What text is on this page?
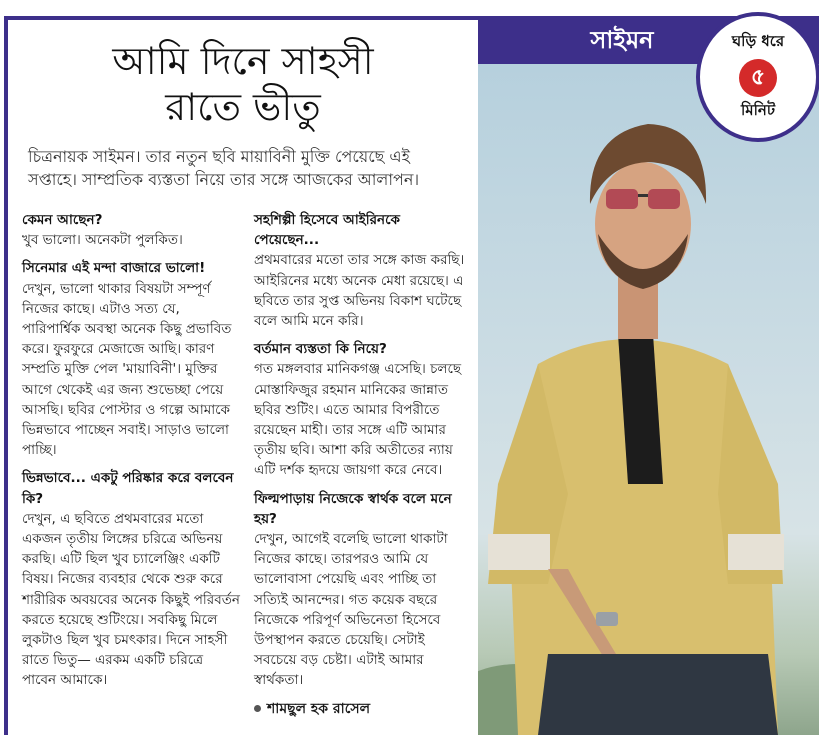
আমি দিনে সাহসী
রাতে ভীতু
চিত্রনায়ক সাইমন। তার নতুন ছবি মায়াবিনী মুক্তি পেয়েছে এই সপ্তাহে। সাম্প্রতিক ব্যস্ততা নিয়ে তার সঙ্গে আজকের আলাপন।
কেমন আছেন?
খুব ভালো। অনেকটা পুলকিত।
সিনেমার এই মন্দা বাজারে ভালো!
দেখুন, ভালো থাকার বিষয়টা সম্পূর্ণ নিজের কাছে। এটাও সত্য যে, পারিপার্শ্বিক অবস্থা অনেক কিছু প্রভাবিত করে। ফুরফুরে মেজাজে আছি। কারণ সম্প্রতি মুক্তি পেল 'মায়াবিনী'। মুক্তির আগে থেকেই এর জন্য শুভেচ্ছা পেয়ে আসছি। ছবির পোস্টার ও গল্পে আমাকে ভিন্নভাবে পাচ্ছেন সবাই। সাড়াও ভালো পাচ্ছি।
ভিন্নভাবে... একটু পরিষ্কার করে বলবেন কি?
দেখুন, এ ছবিতে প্রথমবারের মতো একজন তৃতীয় লিঙ্গের চরিত্রে অভিনয় করছি। এটি ছিল খুব চ্যালেঞ্জিং একটি বিষয়। নিজের ব্যবহার থেকে শুরু করে শারীরিক অবয়বের অনেক কিছুই পরিবর্তন করতে হয়েছে শুটিংয়ে। সবকিছু মিলে লুকটাও ছিল খুব চমৎকার। দিনে সাহসী রাতে ভিতু— এরকম একটি চরিত্রে পাবেন আমাকে।
সহশিল্পী হিসেবে আইরিনকে পেয়েছেন...
প্রথমবারের মতো তার সঙ্গে কাজ করছি। আইরিনের মধ্যে অনেক মেধা রয়েছে। এ ছবিতে তার সুপ্ত অভিনয় বিকাশ ঘটেছে বলে আমি মনে করি।
বর্তমান ব্যস্ততা কি নিয়ে?
গত মঙ্গলবার মানিকগঞ্জ এসেছি। চলছে মোস্তাফিজুর রহমান মানিকের জান্নাত ছবির শুটিং। এতে আমার বিপরীতে রয়েছেন মাহী। তার সঙ্গে এটি আমার তৃতীয় ছবি। আশা করি অতীতের ন্যায় এটি দর্শক হৃদয়ে জায়গা করে নেবে।
ফিল্মপাড়ায় নিজেকে স্বার্থক বলে মনে হয়?
দেখুন, আগেই বলেছি ভালো থাকাটা নিজের কাছে। তারপরও আমি যে ভালোবাসা পেয়েছি এবং পাচ্ছি তা সত্যিই আনন্দের। গত কয়েক বছরে নিজেকে পরিপূর্ণ অভিনেতা হিসেবে উপস্থাপন করতে চেয়েছি। সেটাই সবচেয়ে বড় চেষ্টা। এটাই আমার স্বার্থকতা।
শামছুল হক রাসেল
সাইমন	ঘড়ি ধরে
৫
মিনিট
